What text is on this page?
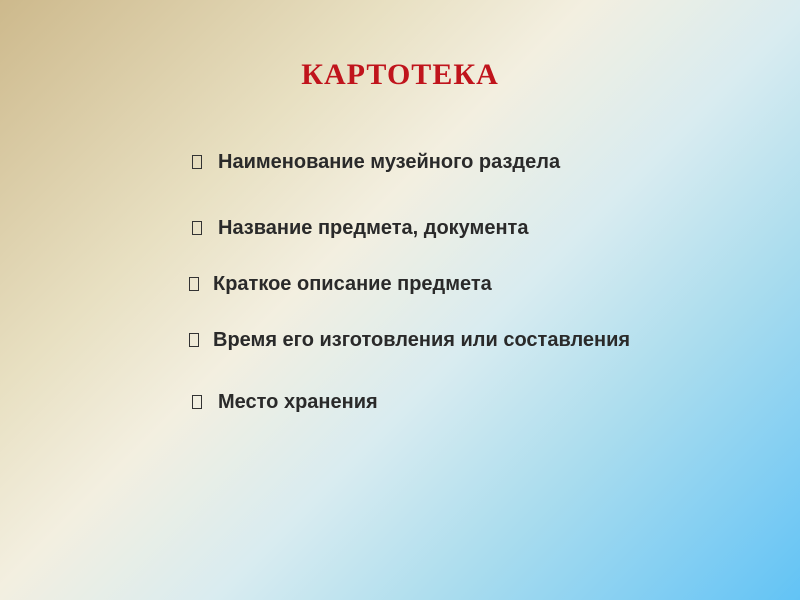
КАРТОТЕКА
Наименование музейного раздела
Название предмета, документа
Краткое описание предмета
Время его изготовления или составления
Место хранения
